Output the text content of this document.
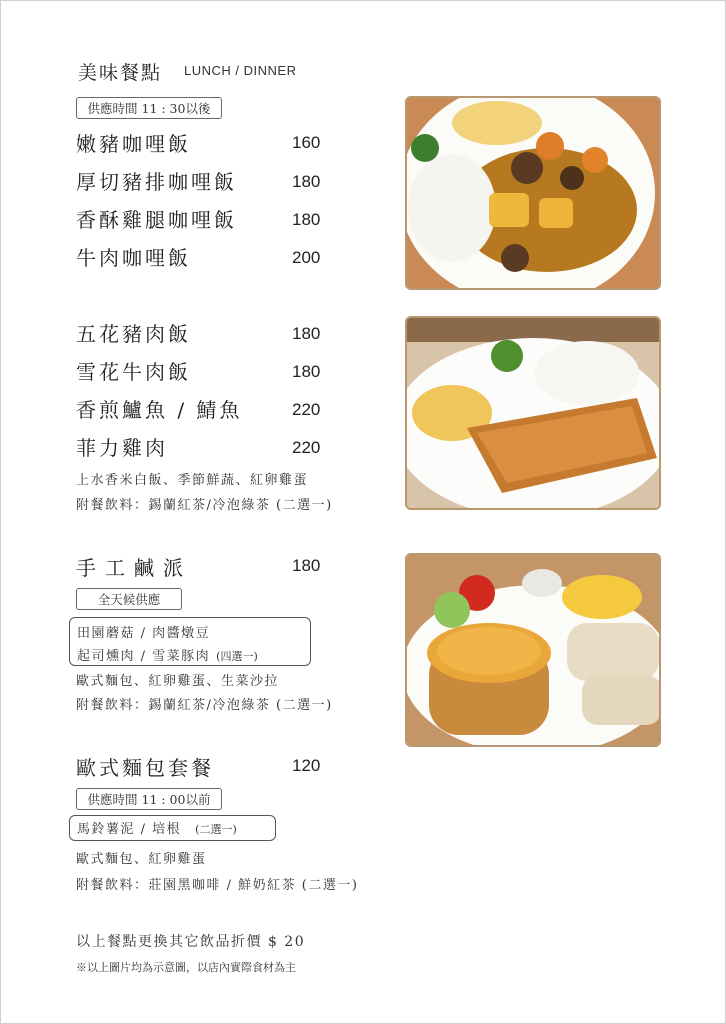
美味餐點 LUNCH / DINNER
供應時間 11 : 30以後
嫩豬咖哩飯	160
厚切豬排咖哩飯	180
香酥雞腿咖哩飯	180
牛肉咖哩飯	200
五花豬肉飯	180
雪花牛肉飯	180
香煎鱸魚 / 鯖魚	220
菲力雞肉	220
上水香米白飯、季節鮮蔬、紅卵雞蛋
附餐飲料：錫蘭紅茶/冷泡綠茶 (二選一)
手工鹹派	180
全天候供應
田園蘑菇 / 肉醬燉豆
起司燻肉 / 雪菜豚肉 (四選一)
歐式麵包、紅卵雞蛋、生菜沙拉
附餐飲料：錫蘭紅茶/冷泡綠茶 (二選一)
歐式麵包套餐	120
供應時間 11 : 00以前
馬鈴薯泥 / 培根 (二選一)
歐式麵包、紅卵雞蛋
附餐飲料：莊園黑咖啡 / 鮮奶紅茶 (二選一)
以上餐點更換其它飲品折價 $ 20
※以上圖片均為示意圖，以店內實際食材為主
